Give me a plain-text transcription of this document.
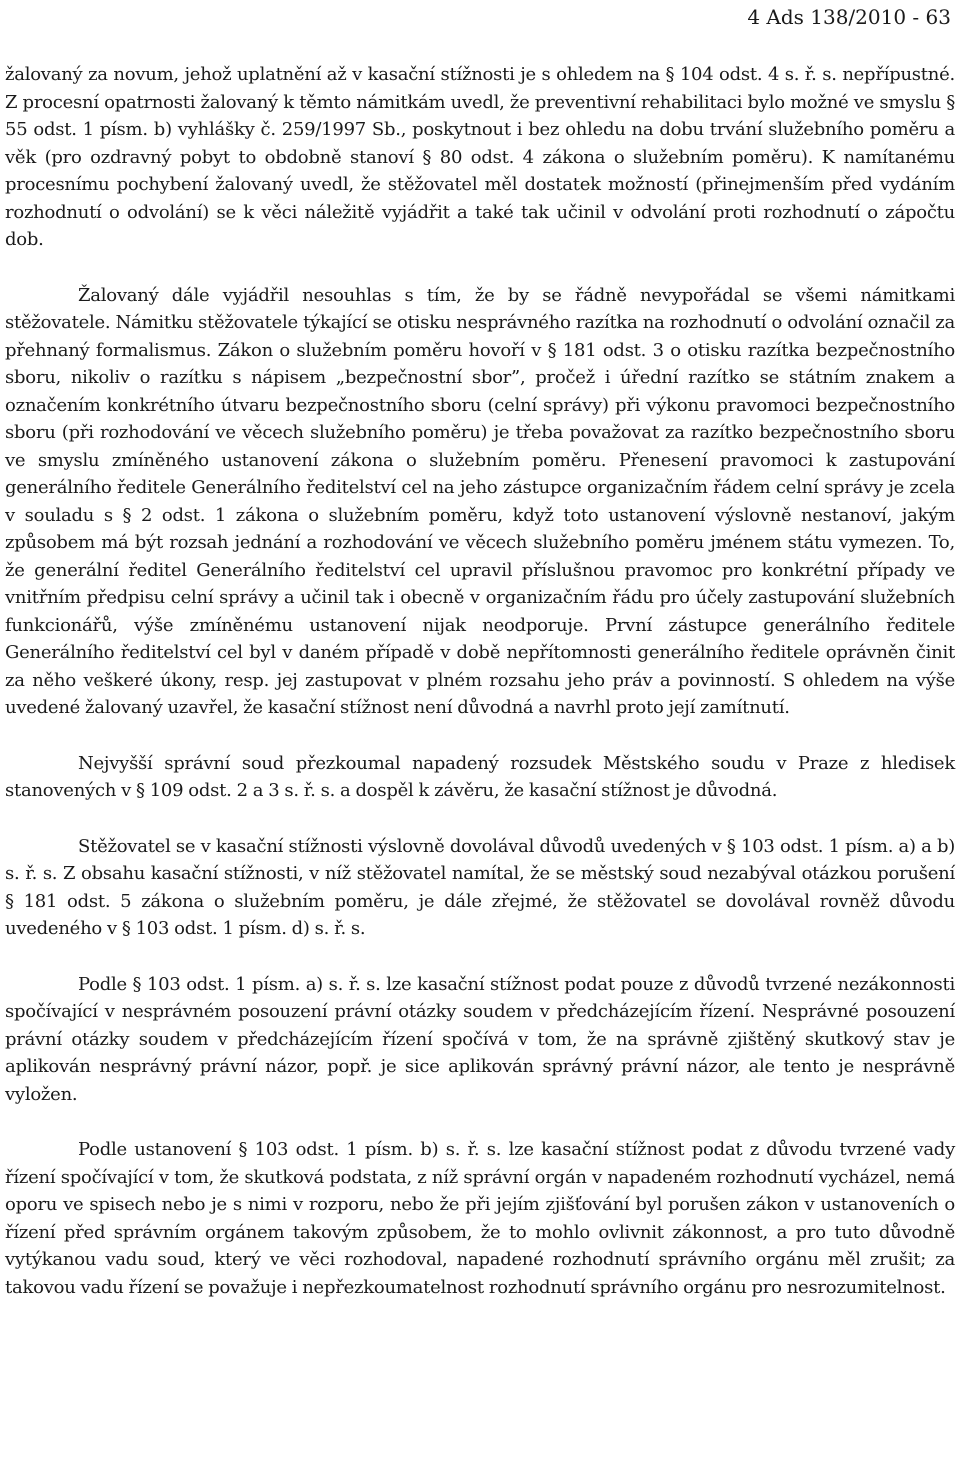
4 Ads 138/2010 - 63

žalovaný za novum, jehož uplatnění až v kasační stížnosti je s ohledem na § 104 odst. 4 s. ř. s. nepřípustné. Z procesní opatrnosti žalovaný k těmto námitkám uvedl, že preventivní rehabilitaci bylo možné ve smyslu § 55 odst. 1 písm. b) vyhlášky č. 259/1997 Sb., poskytnout i bez ohledu na dobu trvání služebního poměru a věk (pro ozdravný pobyt to obdobně stanoví § 80 odst. 4 zákona o služebním poměru). K namítanému procesnímu pochybení žalovaný uvedl, že stěžovatel měl dostatek možností (přinejmenším před vydáním rozhodnutí o odvolání) se k věci náležitě vyjádřit a také tak učinil v odvolání proti rozhodnutí o zápočtu dob.

Žalovaný dále vyjádřil nesouhlas s tím, že by se řádně nevypořádal se všemi námitkami stěžovatele. Námitku stěžovatele týkající se otisku nesprávného razítka na rozhodnutí o odvolání označil za přehnaný formalismus. Zákon o služebním poměru hovoří v § 181 odst. 3 o otisku razítka bezpečnostního sboru, nikoliv o razítku s nápisem „bezpečnostní sbor”, pročež i úřední razítko se státním znakem a označením konkrétního útvaru bezpečnostního sboru (celní správy) při výkonu pravomoci bezpečnostního sboru (při rozhodování ve věcech služebního poměru) je třeba považovat za razítko bezpečnostního sboru ve smyslu zmíněného ustanovení zákona o služebním poměru. Přenesení pravomoci k zastupování generálního ředitele Generálního ředitelství cel na jeho zástupce organizačním řádem celní správy je zcela v souladu s § 2 odst. 1 zákona o služebním poměru, když toto ustanovení výslovně nestanoví, jakým způsobem má být rozsah jednání a rozhodování ve věcech služebního poměru jménem státu vymezen. To, že generální ředitel Generálního ředitelství cel upravil příslušnou pravomoc pro konkrétní případy ve vnitřním předpisu celní správy a učinil tak i obecně v organizačním řádu pro účely zastupování služebních funkcionářů, výše zmíněnému ustanovení nijak neodporuje. První zástupce generálního ředitele Generálního ředitelství cel byl v daném případě v době nepřítomnosti generálního ředitele oprávněn činit za něho veškeré úkony, resp. jej zastupovat v plném rozsahu jeho práv a povinností. S ohledem na výše uvedené žalovaný uzavřel, že kasační stížnost není důvodná a navrhl proto její zamítnutí.

Nejvyšší správní soud přezkoumal napadený rozsudek Městského soudu v Praze z hledisek stanovených v § 109 odst. 2 a 3 s. ř. s. a dospěl k závěru, že kasační stížnost je důvodná.

Stěžovatel se v kasační stížnosti výslovně dovolával důvodů uvedených v § 103 odst. 1 písm. a) a b) s. ř. s. Z obsahu kasační stížnosti, v níž stěžovatel namítal, že se městský soud nezabýval otázkou porušení § 181 odst. 5 zákona o služebním poměru, je dále zřejmé, že stěžovatel se dovolával rovněž důvodu uvedeného v § 103 odst. 1 písm. d) s. ř. s.

Podle § 103 odst. 1 písm. a) s. ř. s. lze kasační stížnost podat pouze z důvodů tvrzené nezákonnosti spočívající v nesprávném posouzení právní otázky soudem v předcházejícím řízení. Nesprávné posouzení právní otázky soudem v předcházejícím řízení spočívá v tom, že na správně zjištěný skutkový stav je aplikován nesprávný právní názor, popř. je sice aplikován správný právní názor, ale tento je nesprávně vyložen.

Podle ustanovení § 103 odst. 1 písm. b) s. ř. s. lze kasační stížnost podat z důvodu tvrzené vady řízení spočívající v tom, že skutková podstata, z níž správní orgán v napadeném rozhodnutí vycházel, nemá oporu ve spisech nebo je s nimi v rozporu, nebo že při jejím zjišťování byl porušen zákon v ustanoveních o řízení před správním orgánem takovým způsobem, že to mohlo ovlivnit zákonnost, a pro tuto důvodně vytýkanou vadu soud, který ve věci rozhodoval, napadené rozhodnutí správního orgánu měl zrušit; za takovou vadu řízení se považuje i nepřezkoumatelnost rozhodnutí správního orgánu pro nesrozumitelnost.
